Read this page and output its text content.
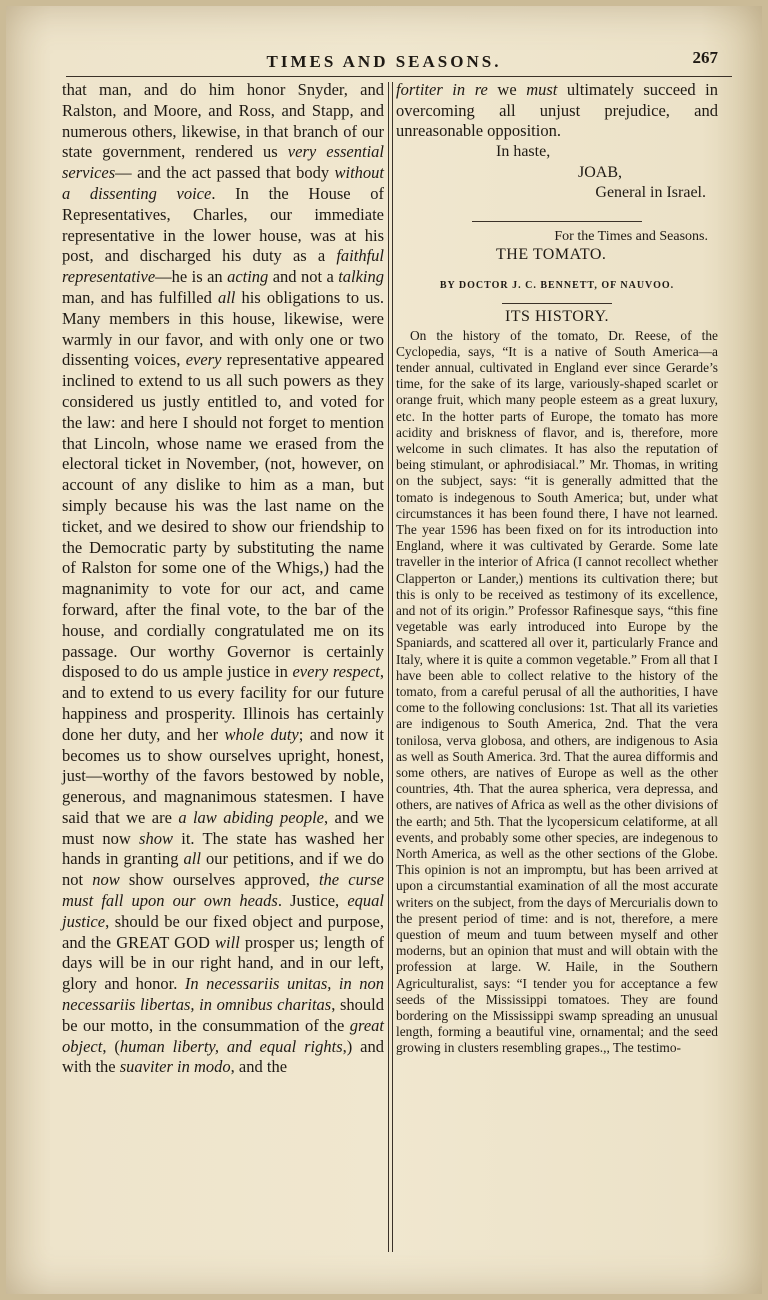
TIMES AND SEASONS.	267

that man, and do him honor Snyder, and Ralston, and Moore, and Ross, and Stapp, and numerous others, likewise, in that branch of our state government, rendered us very essential services— and the act passed that body without a dissenting voice. In the House of Representatives, Charles, our immediate representative in the lower house, was at his post, and discharged his duty as a faithful representative—he is an acting and not a talking man, and has fulfilled all his obligations to us. Many members in this house, likewise, were warmly in our favor, and with only one or two dissenting voices, every representative appeared inclined to extend to us all such powers as they considered us justly entitled to, and voted for the law: and here I should not forget to mention that Lincoln, whose name we erased from the electoral ticket in November, (not, however, on account of any dislike to him as a man, but simply because his was the last name on the ticket, and we desired to show our friendship to the Democratic party by substituting the name of Ralston for some one of the Whigs,) had the magnanimity to vote for our act, and came forward, after the final vote, to the bar of the house, and cordially congratulated me on its passage. Our worthy Governor is certainly disposed to do us ample justice in every respect, and to extend to us every facility for our future happiness and prosperity. Illinois has certainly done her duty, and her whole duty; and now it becomes us to show ourselves upright, honest, just—worthy of the favors bestowed by noble, generous, and magnanimous statesmen. I have said that we are a law abiding people, and we must now show it. The state has washed her hands in granting all our petitions, and if we do not now show ourselves approved, the curse must fall upon our own heads. Justice, equal justice, should be our fixed object and purpose, and the GREAT GOD will prosper us; length of days will be in our right hand, and in our left, glory and honor. In necessariis unitas, in non necessariis libertas, in omnibus charitas, should be our motto, in the consummation of the great object, (human liberty, and equal rights,) and with the suaviter in modo, and the

fortiter in re we must ultimately succeed in overcoming all unjust prejudice, and unreasonable opposition.

In haste,
JOAB,
General in Israel.
For the Times and Seasons.
THE TOMATO.
BY DOCTOR J. C. BENNETT, OF NAUVOO.
ITS HISTORY.

On the history of the tomato, Dr. Reese, of the Cyclopedia, says, “It is a native of South America—a tender annual, cultivated in England ever since Gerarde’s time, for the sake of its large, variously-shaped scarlet or orange fruit, which many people esteem as a great luxury, etc. In the hotter parts of Europe, the tomato has more acidity and briskness of flavor, and is, therefore, more welcome in such climates. It has also the reputation of being stimulant, or aphrodisiacal.” Mr. Thomas, in writing on the subject, says: “it is generally admitted that the tomato is indegenous to South America; but, under what circumstances it has been found there, I have not learned. The year 1596 has been fixed on for its introduction into England, where it was cultivated by Gerarde. Some late traveller in the interior of Africa (I cannot recollect whether Clapperton or Lander,) mentions its cultivation there; but this is only to be received as testimony of its excellence, and not of its origin.” Professor Rafinesque says, “this fine vegetable was early introduced into Europe by the Spaniards, and scattered all over it, particularly France and Italy, where it is quite a common vegetable.” From all that I have been able to collect relative to the history of the tomato, from a careful perusal of all the authorities, I have come to the following conclusions: 1st. That all its varieties are indigenous to South America, 2nd. That the vera tonilosa, verva globosa, and others, are indigenous to Asia as well as South America. 3rd. That the aurea difformis and some others, are natives of Europe as well as the other countries, 4th. That the aurea spherica, vera depressa, and others, are natives of Africa as well as the other divisions of the earth; and 5th. That the lycopersicum celatiforme, at all events, and probably some other species, are indegenous to North America, as well as the other sections of the Globe. This opinion is not an impromptu, but has been arrived at upon a circumstantial examination of all the most accurate writers on the subject, from the days of Mercurialis down to the present period of time: and is not, therefore, a mere question of meum and tuum between myself and other moderns, but an opinion that must and will obtain with the profession at large. W. Haile, in the Southern Agriculturalist, says: “I tender you for acceptance a few seeds of the Mississippi tomatoes. They are found bordering on the Mississippi swamp spreading an unusual length, forming a beautiful vine, ornamental; and the seed growing in clusters resembling grapes.,, The testimo-
